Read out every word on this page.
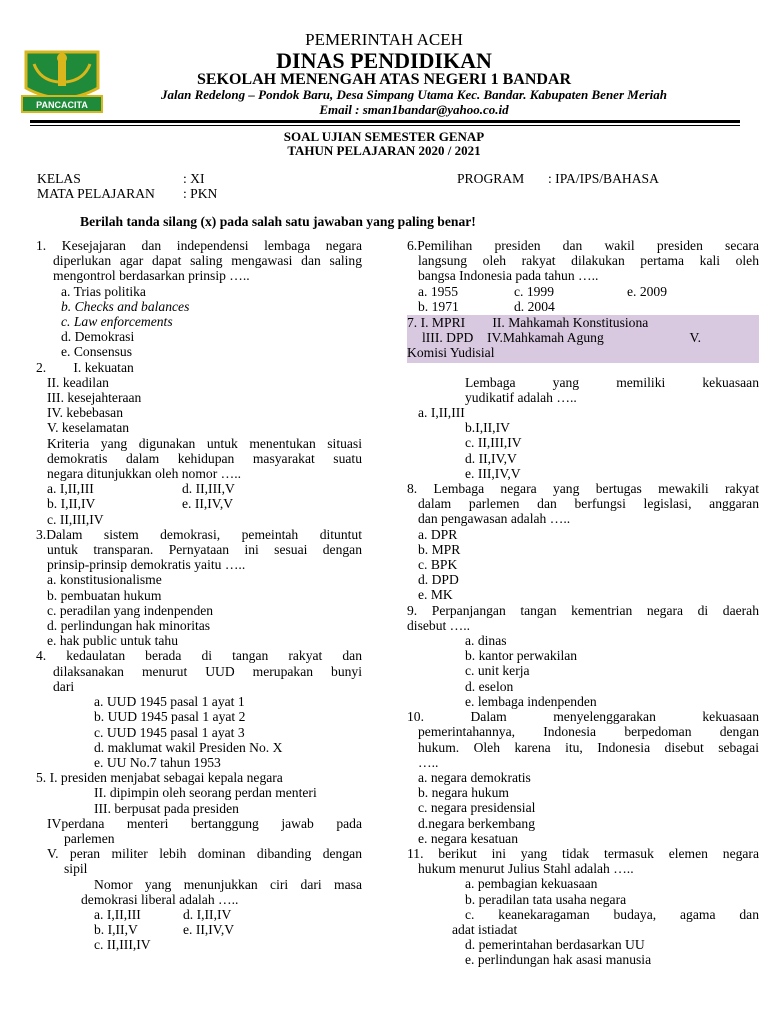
PANCACITA
PEMERINTAH ACEH
DINAS PENDIDIKAN
SEKOLAH MENENGAH ATAS NEGERI 1 BANDAR
Jalan Redelong – Pondok Baru, Desa Simpang Utama Kec. Bandar. Kabupaten Bener Meriah
Email : sman1bandar@yahoo.co.id
SOAL UJIAN SEMESTER GENAP
TAHUN PELAJARAN 2020 / 2021
KELAS	: XI
MATA PELAJARAN : PKN
PROGRAM : IPA/IPS/BAHASA
Berilah tanda silang (x) pada salah satu jawaban yang paling benar!
1. Kesejajaran dan independensi lembaga negara
diperlukan agar dapat saling mengawasi dan saling
mengontrol berdasarkan prinsip …..
a. Trias politika
b. Checks and balances
c. Law enforcements
d. Demokrasi
e. Consensus
2.        I. kekuatan
II. keadilan
III. kesejahteraan
IV. kebebasan
V. keselamatan
Kriteria yang digunakan untuk menentukan situasi
demokratis dalam kehidupan masyarakat suatu
negara ditunjukkan oleh nomor …..
a. I,II,III	d. II,III,V
b. I,II,IV	e. II,IV,V
c. II,III,IV
3.Dalam sistem demokrasi, pemeintah dituntut
untuk transparan. Pernyataan ini sesuai dengan
prinsip-prinsip demokratis yaitu …..
a. konstitusionalisme
b. pembuatan hukum
c. peradilan yang indenpenden
d. perlindungan hak minoritas
e. hak public untuk tahu
4. kedaulatan berada di tangan rakyat dan
dilaksanakan menurut UUD merupakan bunyi
dari
a. UUD 1945 pasal 1 ayat 1
b. UUD 1945 pasal 1 ayat 2
c. UUD 1945 pasal 1 ayat 3
d. maklumat wakil Presiden No. X
e. UU No.7 tahun 1953
5. I. presiden menjabat sebagai kepala negara
II. dipimpin oleh seorang perdan menteri
III. berpusat pada presiden
IVperdana menteri bertanggung jawab pada
parlemen
V. peran militer lebih dominan dibanding dengan
sipil
Nomor yang menunjukkan ciri dari masa
demokrasi liberal adalah …..
a. I,II,III	d. I,II,IV
b. I,II,V	e. II,IV,V
c. II,III,IV
6.Pemilihan presiden dan wakil presiden secara
langsung oleh rakyat dilakukan pertama kali oleh
bangsa Indonesia pada tahun …..
a. 1955	c. 1999	e. 2009
b. 1971	d. 2004
7. I. MPRI        II. Mahkamah Konstitusiona
lIII. DPD    IV.Mahkamah Agung	V.
Komisi Yudisial
Lembaga yang memiliki kekuasaan
yudikatif adalah …..
a. I,II,III
b.I,II,IV
c. II,III,IV
d. II,IV,V
e. III,IV,V
8. Lembaga negara yang bertugas mewakili rakyat
dalam parlemen dan berfungsi legislasi, anggaran
dan pengawasan adalah …..
a. DPR
b. MPR
c. BPK
d. DPD
e. MK
9. Perpanjangan tangan kementrian negara di daerah
disebut …..
a. dinas
b. kantor perwakilan
c. unit kerja
d. eselon
e. lembaga indenpenden
10.        Dalam        menyelenggarakan        kekuasaan
pemerintahannya, Indonesia berpedoman dengan
hukum. Oleh karena itu, Indonesia disebut sebagai
…..
a. negara demokratis
b. negara hukum
c. negara presidensial
d.negara berkembang
e. negara kesatuan
11. berikut ini yang tidak termasuk elemen negara
hukum menurut Julius Stahl adalah …..
a. pembagian kekuasaan
b. peradilan tata usaha negara
c. keanekaragaman budaya, agama dan
adat istiadat
d. pemerintahan berdasarkan UU
e. perlindungan hak asasi manusia
